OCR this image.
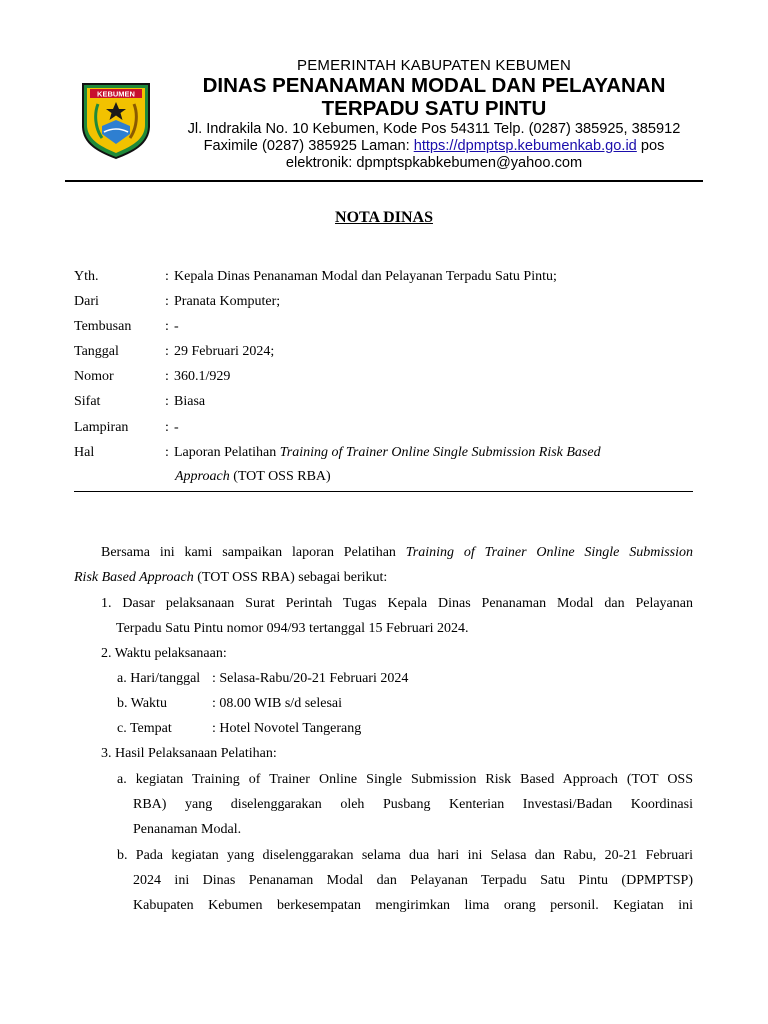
KEBUMEN
PEMERINTAH KABUPATEN KEBUMEN
DINAS PENANAMAN MODAL DAN PELAYANAN
TERPADU SATU PINTU
Jl. Indrakila No. 10 Kebumen, Kode Pos 54311 Telp. (0287) 385925, 385912
Faximile (0287) 385925 Laman: https://dpmptsp.kebumenkab.go.id pos
elektronik: dpmptspkabkebumen@yahoo.com
NOTA DINAS
Yth.	: Kepala Dinas Penanaman Modal dan Pelayanan Terpadu Satu Pintu;
Dari	: Pranata Komputer;
Tembusan : -
Tanggal	: 29 Februari 2024;
Nomor	: 360.1/929
Sifat	: Biasa
Lampiran	: -
Hal	: Laporan Pelatihan Training of Trainer Online Single Submission Risk Based
Approach (TOT OSS RBA)
Bersama ini kami sampaikan laporan Pelatihan Training of Trainer Online Single Submission
Risk Based Approach (TOT OSS RBA) sebagai berikut:
1. Dasar pelaksanaan Surat Perintah Tugas Kepala Dinas Penanaman Modal dan Pelayanan
Terpadu Satu Pintu nomor 094/93 tertanggal 15 Februari 2024.
2. Waktu pelaksanaan:
a. Hari/tanggal : Selasa-Rabu/20-21 Februari 2024
b. Waktu	: 08.00 WIB s/d selesai
c. Tempat	: Hotel Novotel Tangerang
3. Hasil Pelaksanaan Pelatihan:
a. kegiatan Training of Trainer Online Single Submission Risk Based Approach (TOT OSS
RBA) yang diselenggarakan oleh Pusbang Kenterian Investasi/Badan Koordinasi
Penanaman Modal.
b. Pada kegiatan yang diselenggarakan selama dua hari ini Selasa dan Rabu, 20-21 Februari
2024 ini Dinas Penanaman Modal dan Pelayanan Terpadu Satu Pintu (DPMPTSP)
Kabupaten Kebumen berkesempatan mengirimkan lima orang personil. Kegiatan ini
